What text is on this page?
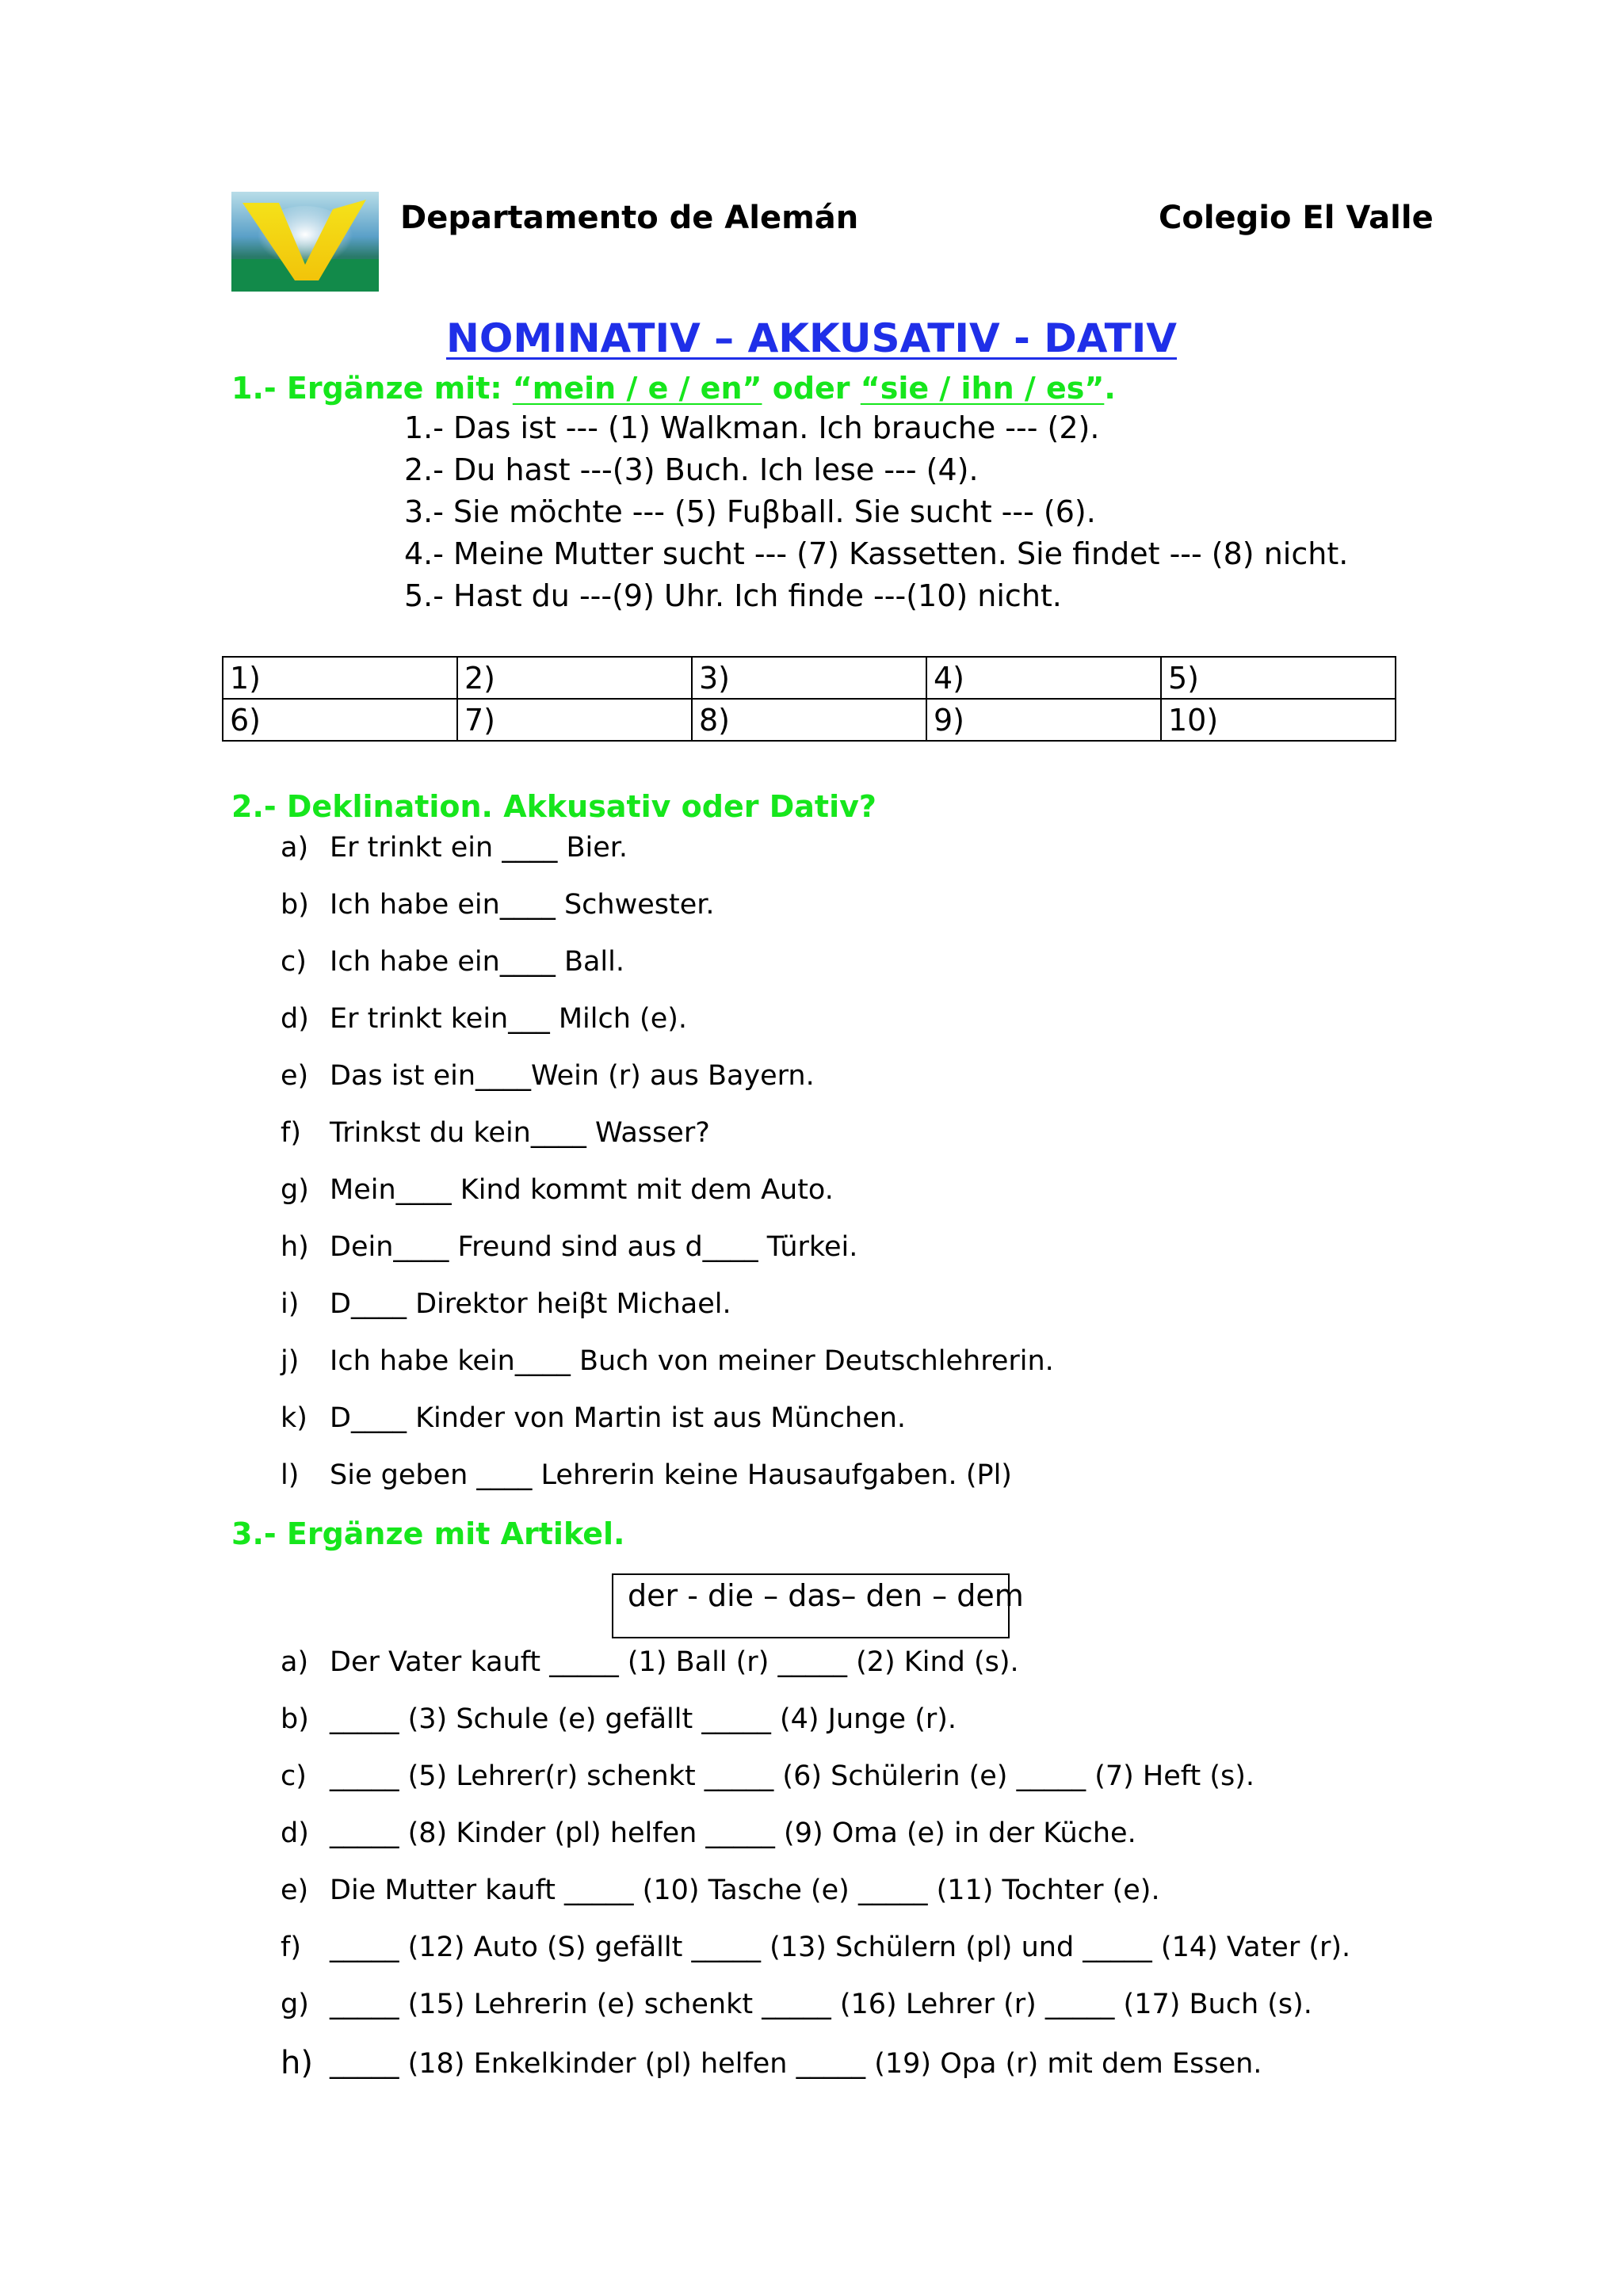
Departamento de Alemán	Colegio El Valle
NOMINATIV – AKKUSATIV - DATIV
1.- Ergänze mit: “mein / e / en” oder “sie / ihn / es”.
1.- Das ist --- (1) Walkman. Ich brauche --- (2).
2.- Du hast ---(3) Buch. Ich lese --- (4).
3.- Sie möchte --- (5) Fuβball. Sie sucht --- (6).
4.- Meine Mutter sucht --- (7) Kassetten. Sie findet --- (8) nicht.
5.- Hast du ---(9) Uhr. Ich finde ---(10) nicht.
1)	2)	3)	4)	5)
6)	7)	8)	9)	10)
2.- Deklination. Akkusativ oder Dativ?
a) Er trinkt ein ____ Bier.
b) Ich habe ein____ Schwester.
c) Ich habe ein____ Ball.
d) Er trinkt kein___ Milch (e).
e) Das ist ein____Wein (r) aus Bayern.
f) Trinkst du kein____ Wasser?
g) Mein____ Kind kommt mit dem Auto.
h) Dein____ Freund sind aus d____ Türkei.
i) D____ Direktor heiβt Michael.
j) Ich habe kein____ Buch von meiner Deutschlehrerin.
k) D____ Kinder von Martin ist aus München.
l) Sie geben ____ Lehrerin keine Hausaufgaben. (Pl)
3.- Ergänze mit Artikel.
der - die – das– den – dem
a) Der Vater kauft _____ (1) Ball (r) _____ (2) Kind (s).
b) _____ (3) Schule (e) gefällt _____ (4) Junge (r).
c) _____ (5) Lehrer(r) schenkt _____ (6) Schülerin (e) _____ (7) Heft (s).
d) _____ (8) Kinder (pl) helfen _____ (9) Oma (e) in der Küche.
e) Die Mutter kauft _____ (10) Tasche (e) _____ (11) Tochter (e).
f) _____ (12) Auto (S) gefällt _____ (13) Schülern (pl) und _____ (14) Vater (r).
g) _____ (15) Lehrerin (e) schenkt _____ (16) Lehrer (r) _____ (17) Buch (s).
h) _____ (18) Enkelkinder (pl) helfen _____ (19) Opa (r) mit dem Essen.
